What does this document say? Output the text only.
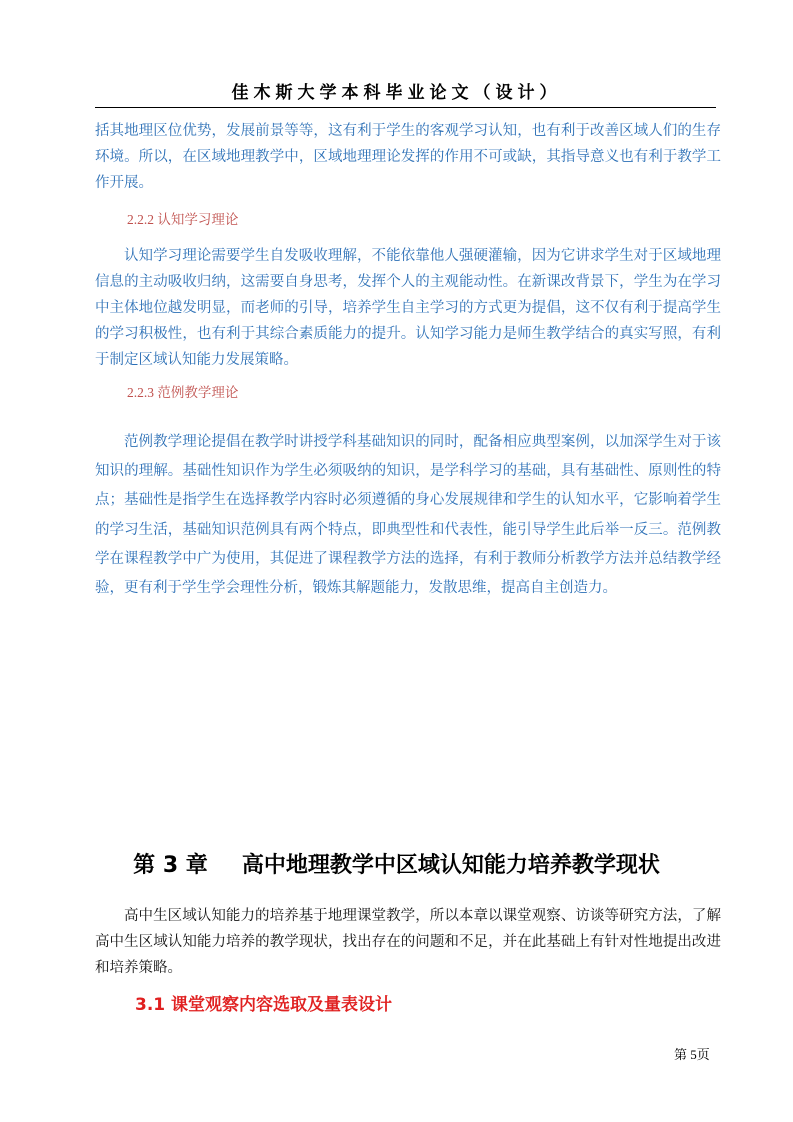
佳木斯大学本科毕业论文（设计）

括其地理区位优势，发展前景等等，这有利于学生的客观学习认知，也有利于改善区域人们的生存环境。所以，在区域地理教学中，区域地理理论发挥的作用不可或缺，其指导意义也有利于教学工作开展。

2.2.2 认知学习理论

认知学习理论需要学生自发吸收理解，不能依靠他人强硬灌输，因为它讲求学生对于区域地理信息的主动吸收归纳，这需要自身思考，发挥个人的主观能动性。在新课改背景下，学生为在学习中主体地位越发明显，而老师的引导，培养学生自主学习的方式更为提倡，这不仅有利于提高学生的学习积极性，也有利于其综合素质能力的提升。认知学习能力是师生教学结合的真实写照，有利于制定区域认知能力发展策略。

2.2.3 范例教学理论

范例教学理论提倡在教学时讲授学科基础知识的同时，配备相应典型案例，以加深学生对于该知识的理解。基础性知识作为学生必须吸纳的知识，是学科学习的基础，具有基础性、原则性的特点；基础性是指学生在选择教学内容时必须遵循的身心发展规律和学生的认知水平，它影响着学生的学习生活，基础知识范例具有两个特点，即典型性和代表性，能引导学生此后举一反三。范例教学在课程教学中广为使用，其促进了课程教学方法的选择，有利于教师分析教学方法并总结教学经验，更有利于学生学会理性分析，锻炼其解题能力，发散思维，提高自主创造力。

第 3 章 高中地理教学中区域认知能力培养教学现状

高中生区域认知能力的培养基于地理课堂教学，所以本章以课堂观察、访谈等研究方法，了解高中生区域认知能力培养的教学现状，找出存在的问题和不足，并在此基础上有针对性地提出改进和培养策略。

3.1 课堂观察内容选取及量表设计

第 5页
